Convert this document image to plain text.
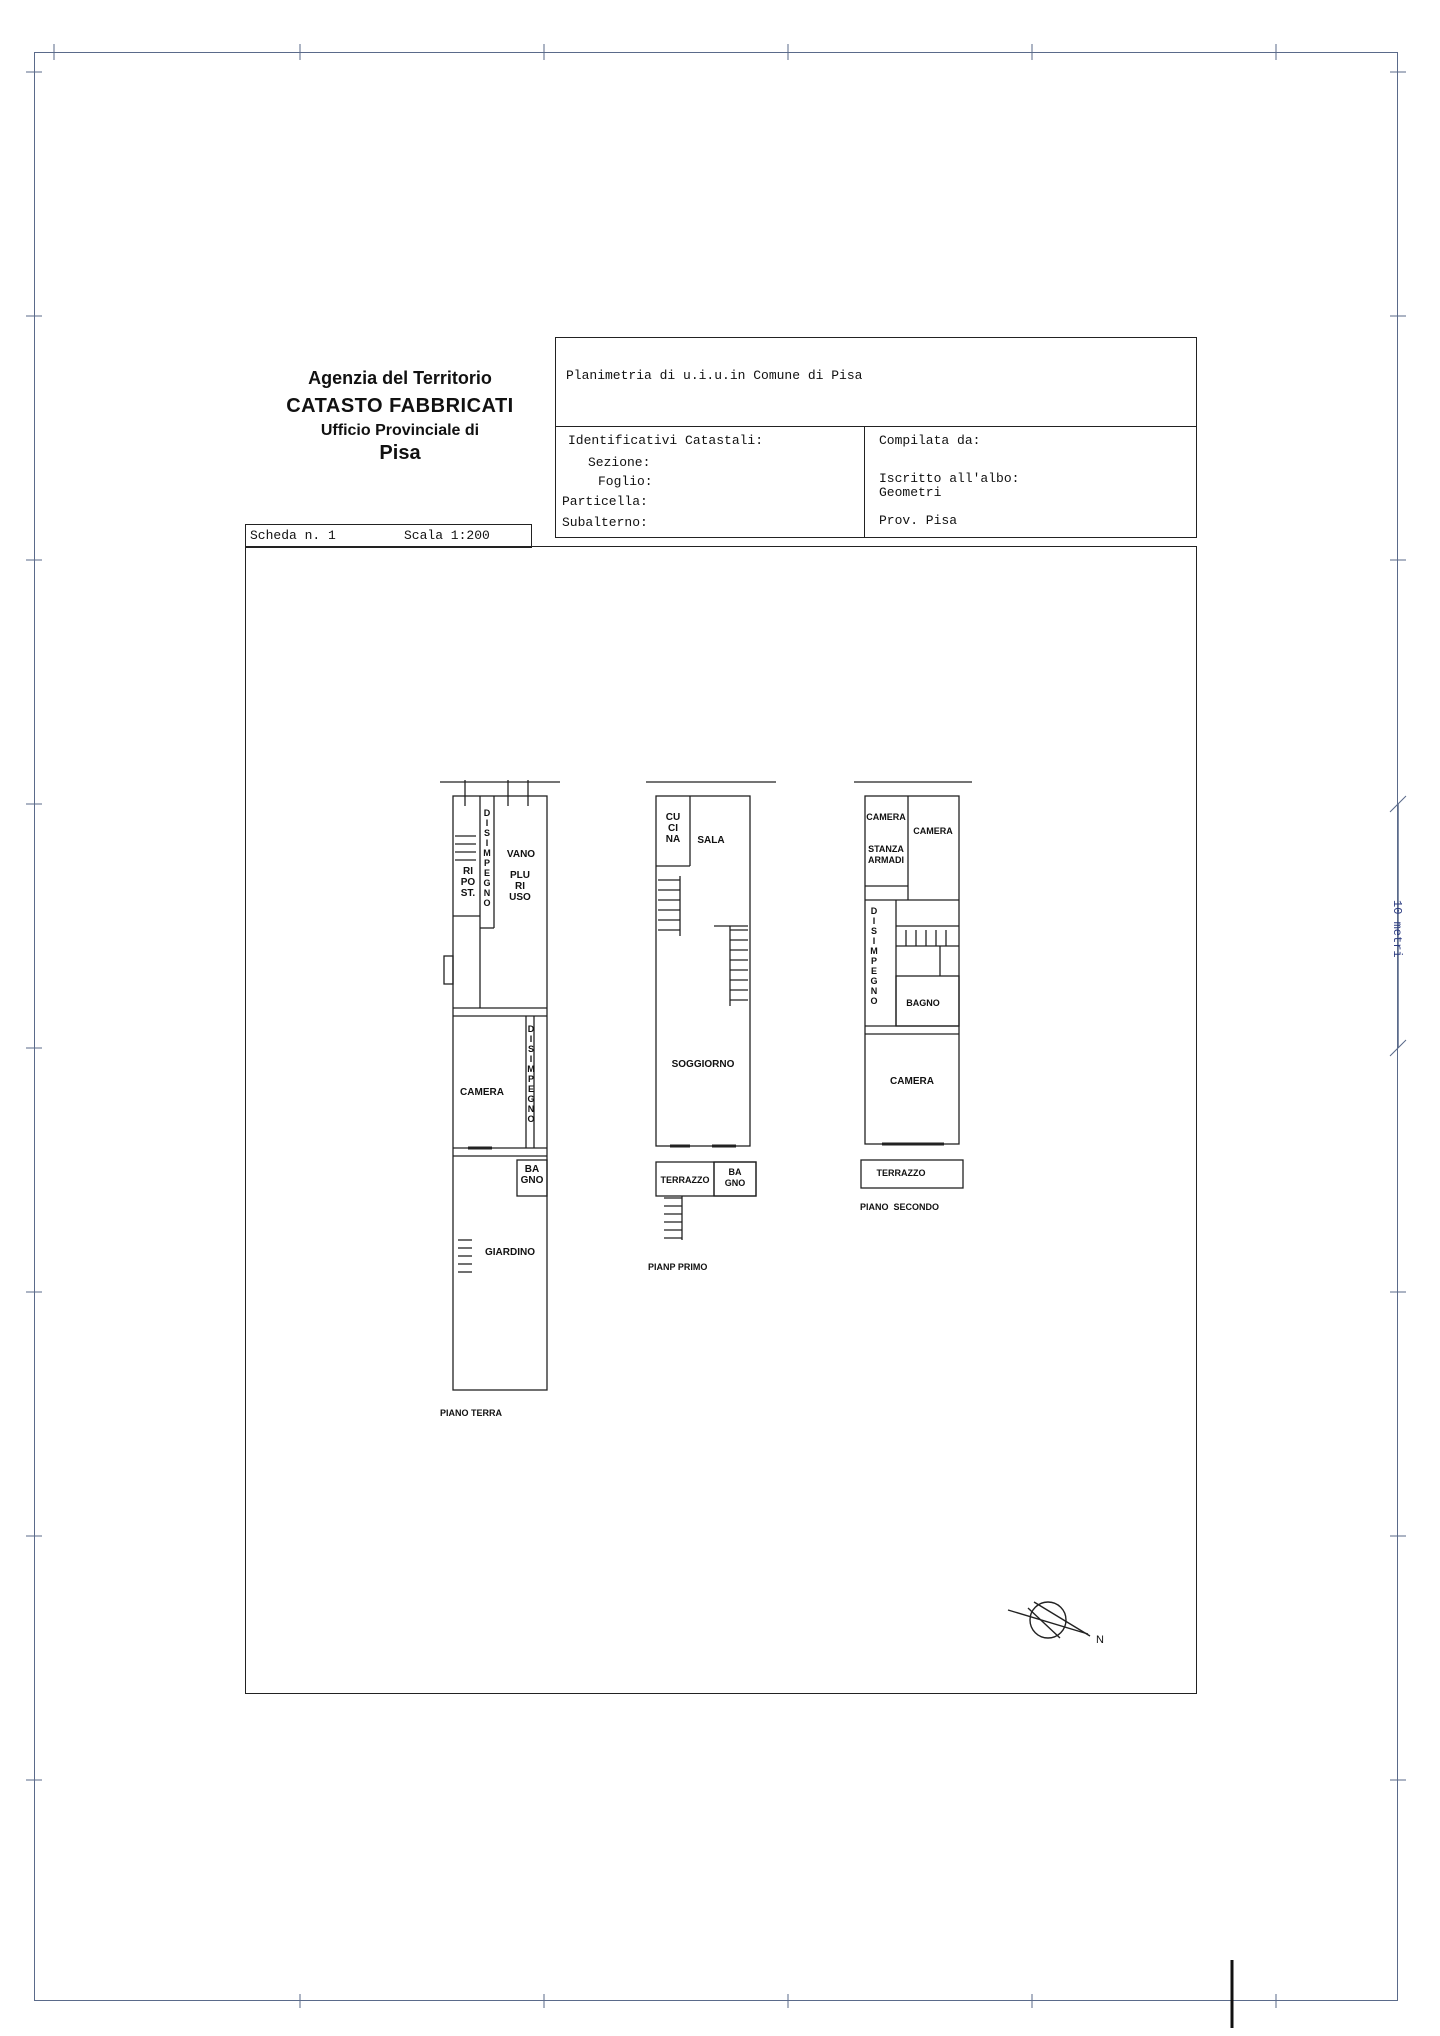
10 metri
Agenzia del Territorio
CATASTO FABBRICATI
Ufficio Provinciale di
Pisa
Planimetria di u.i.u.in Comune di Pisa
Identificativi Catastali:
Sezione:
Foglio:
Particella:
Subalterno:
Compilata da:
Iscritto all'albo:
Geometri
Prov. Pisa
Scheda n. 1	Scala 1:200
N
RI
PO
ST.
D
I
S
I
M
P
E
G
N
O
VANO
PLU
RI
USO
CAMERA
D
I
S
I
M
P
E
G
N
O
BA
GNO
GIARDINO
PIANO TERRA
CU
CI
NA	SALA
SOGGIORNO
TERRAZZO
BA
GNO
PIANP PRIMO
CAMERA
CAMERA
STANZA
ARMADI
D
I
S
I
M
P
E
G
N
O	BAGNO
CAMERA
TERRAZZO
PIANO  SECONDO
